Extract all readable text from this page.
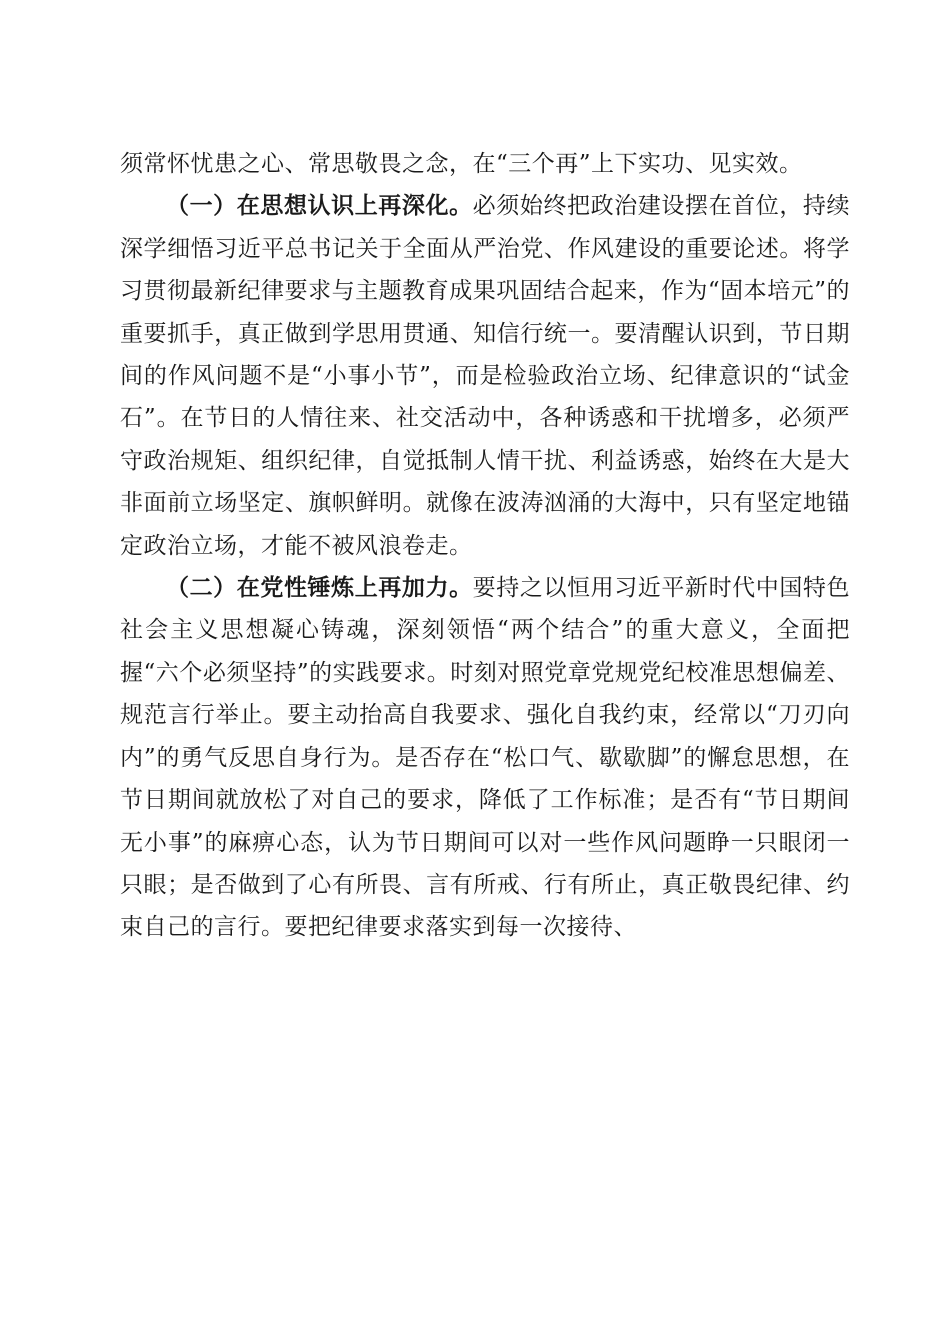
须常怀忧患之心、常思敬畏之念，在“三个再”上下实功、见实效。

（一）在思想认识上再深化。必须始终把政治建设摆在首位，持续深学细悟习近平总书记关于全面从严治党、作风建设的重要论述。将学习贯彻最新纪律要求与主题教育成果巩固结合起来，作为“固本培元”的重要抓手，真正做到学思用贯通、知信行统一。要清醒认识到，节日期间的作风问题不是“小事小节”，而是检验政治立场、纪律意识的“试金石”。在节日的人情往来、社交活动中，各种诱惑和干扰增多，必须严守政治规矩、组织纪律，自觉抵制人情干扰、利益诱惑，始终在大是大非面前立场坚定、旗帜鲜明。就像在波涛汹涌的大海中，只有坚定地锚定政治立场，才能不被风浪卷走。

（二）在党性锤炼上再加力。要持之以恒用习近平新时代中国特色社会主义思想凝心铸魂，深刻领悟“两个结合”的重大意义，全面把握“六个必须坚持”的实践要求。时刻对照党章党规党纪校准思想偏差、规范言行举止。要主动抬高自我要求、强化自我约束，经常以“刀刃向内”的勇气反思自身行为。是否存在“松口气、歇歇脚”的懈怠思想，在节日期间就放松了对自己的要求，降低了工作标准；是否有“节日期间无小事”的麻痹心态，认为节日期间可以对一些作风问题睁一只眼闭一只眼；是否做到了心有所畏、言有所戒、行有所止，真正敬畏纪律、约束自己的言行。要把纪律要求落实到每一次接待、
